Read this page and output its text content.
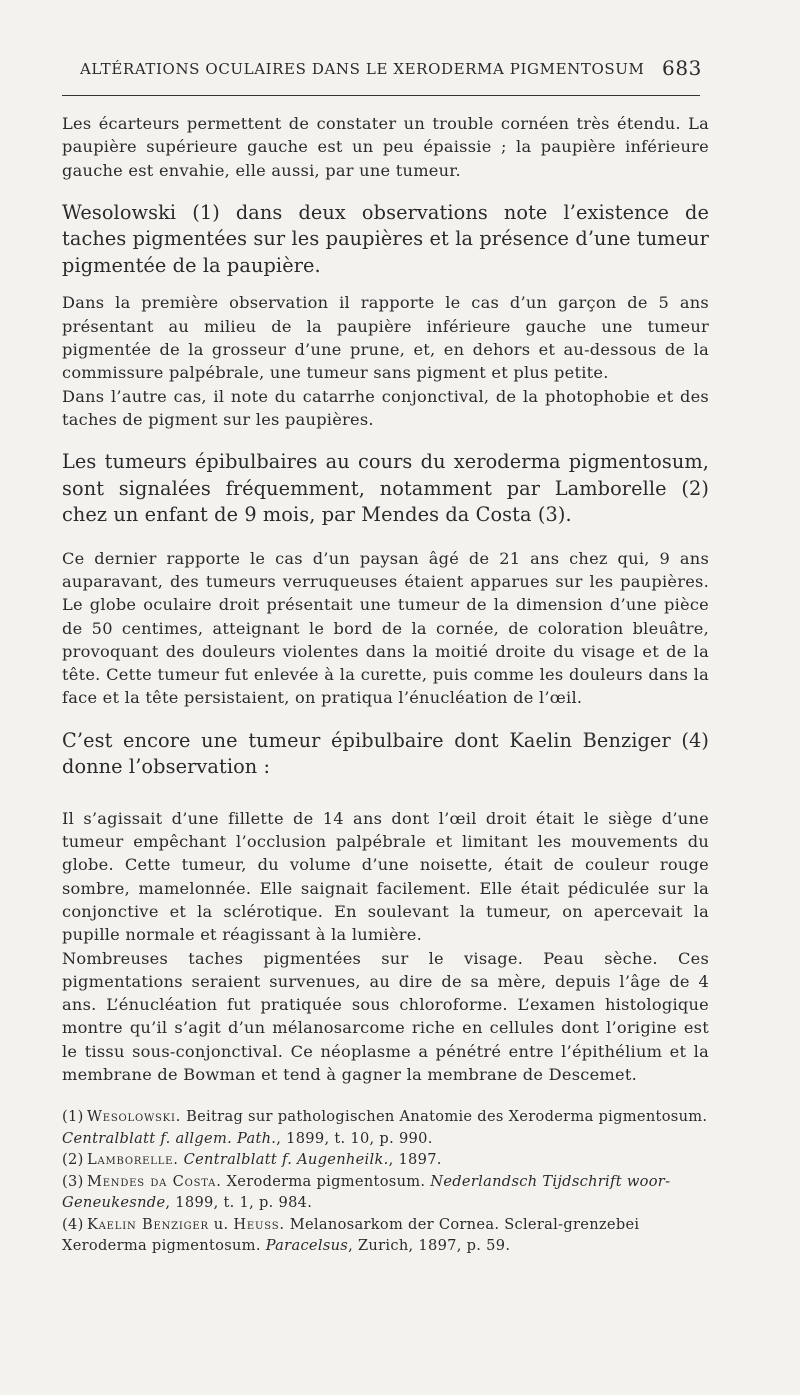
ALTÉRATIONS OCULAIRES DANS LE XERODERMA PIGMENTOSUM 683

Les écarteurs permettent de constater un trouble cornéen très étendu. La paupière supérieure gauche est un peu épaissie ; la paupière inférieure gauche est envahie, elle aussi, par une tumeur.

Wesolowski (1) dans deux observations note l’existence de taches pigmentées sur les paupières et la présence d’une tumeur pigmentée de la paupière.

Dans la première observation il rapporte le cas d’un garçon de 5 ans présentant au milieu de la paupière inférieure gauche une tumeur pigmentée de la grosseur d’une prune, et, en dehors et au-dessous de la commissure palpébrale, une tumeur sans pigment et plus petite.

Dans l’autre cas, il note du catarrhe conjonctival, de la photophobie et des taches de pigment sur les paupières.

Les tumeurs épibulbaires au cours du xeroderma pigmentosum, sont signalées fréquemment, notamment par Lamborelle (2) chez un enfant de 9 mois, par Mendes da Costa (3).

Ce dernier rapporte le cas d’un paysan âgé de 21 ans chez qui, 9 ans auparavant, des tumeurs verruqueuses étaient apparues sur les paupières. Le globe oculaire droit présentait une tumeur de la dimension d’une pièce de 50 centimes, atteignant le bord de la cornée, de coloration bleuâtre, provoquant des douleurs violentes dans la moitié droite du visage et de la tête. Cette tumeur fut enlevée à la curette, puis comme les douleurs dans la face et la tête persistaient, on pratiqua l’énucléation de l’œil.

C’est encore une tumeur épibulbaire dont Kaelin Benziger (4) donne l’observation :

Il s’agissait d’une fillette de 14 ans dont l’œil droit était le siège d’une tumeur empêchant l’occlusion palpébrale et limitant les mouvements du globe. Cette tumeur, du volume d’une noisette, était de couleur rouge sombre, mamelonnée. Elle saignait facilement. Elle était pédiculée sur la conjonctive et la sclérotique. En soulevant la tumeur, on apercevait la pupille normale et réagissant à la lumière.

Nombreuses taches pigmentées sur le visage. Peau sèche. Ces pigmentations seraient survenues, au dire de sa mère, depuis l’âge de 4 ans. L’énucléation fut pratiquée sous chloroforme. L’examen histologique montre qu’il s’agit d’un mélanosarcome riche en cellules dont l’origine est le tissu sous-conjonctival. Ce néoplasme a pénétré entre l’épithélium et la membrane de Bowman et tend à gagner la membrane de Descemet.

(1) Wesolowski. Beitrag sur pathologischen Anatomie des Xeroderma pigmentosum. Centralblatt f. allgem. Path., 1899, t. 10, p. 990.

(2) Lamborelle. Centralblatt f. Augenheilk., 1897.

(3) Mendes da Costa. Xeroderma pigmentosum. Nederlandsch Tijdschrift woor-Geneukesnde, 1899, t. 1, p. 984.

(4) Kaelin Benziger u. Heuss. Melanosarkom der Cornea. Scleral-grenzebei Xeroderma pigmentosum. Paracelsus, Zurich, 1897, p. 59.
